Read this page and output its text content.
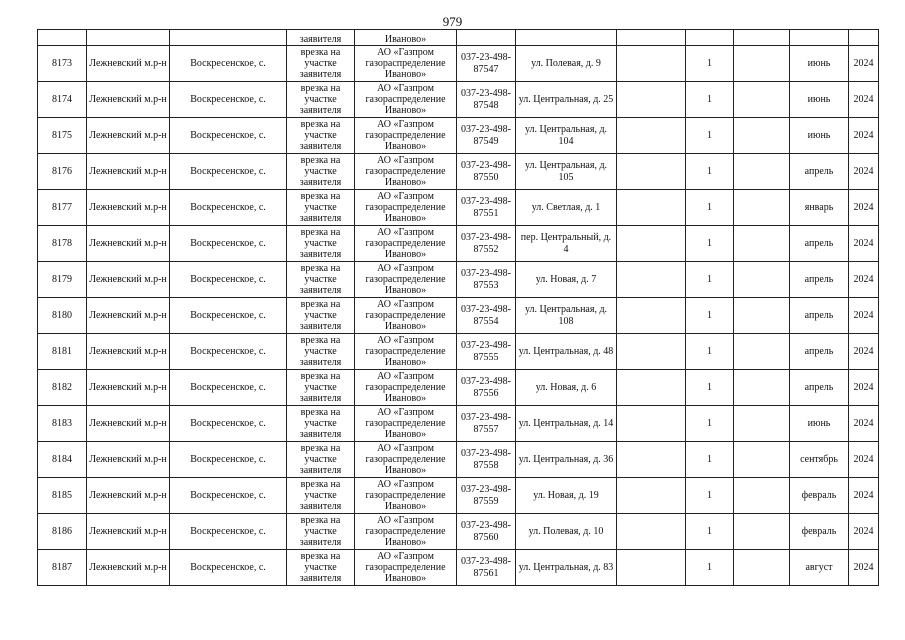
979
			заявителя	Иваново»							
8173	Лежневский м.р-н	Воскресенское, с.	врезка на участке заявителя	АО «Газпром газораспределение Иваново»	037-23-498-87547	ул. Полевая, д. 9		1		июнь	2024
8174	Лежневский м.р-н	Воскресенское, с.	врезка на участке заявителя	АО «Газпром газораспределение Иваново»	037-23-498-87548	ул. Центральная, д. 25		1		июнь	2024
8175	Лежневский м.р-н	Воскресенское, с.	врезка на участке заявителя	АО «Газпром газораспределение Иваново»	037-23-498-87549	ул. Центральная, д. 104		1		июнь	2024
8176	Лежневский м.р-н	Воскресенское, с.	врезка на участке заявителя	АО «Газпром газораспределение Иваново»	037-23-498-87550	ул. Центральная, д. 105		1		апрель	2024
8177	Лежневский м.р-н	Воскресенское, с.	врезка на участке заявителя	АО «Газпром газораспределение Иваново»	037-23-498-87551	ул. Светлая, д. 1		1		январь	2024
8178	Лежневский м.р-н	Воскресенское, с.	врезка на участке заявителя	АО «Газпром газораспределение Иваново»	037-23-498-87552	пер. Центральный, д. 4		1		апрель	2024
8179	Лежневский м.р-н	Воскресенское, с.	врезка на участке заявителя	АО «Газпром газораспределение Иваново»	037-23-498-87553	ул. Новая, д. 7		1		апрель	2024
8180	Лежневский м.р-н	Воскресенское, с.	врезка на участке заявителя	АО «Газпром газораспределение Иваново»	037-23-498-87554	ул. Центральная, д. 108		1		апрель	2024
8181	Лежневский м.р-н	Воскресенское, с.	врезка на участке заявителя	АО «Газпром газораспределение Иваново»	037-23-498-87555	ул. Центральная, д. 48		1		апрель	2024
8182	Лежневский м.р-н	Воскресенское, с.	врезка на участке заявителя	АО «Газпром газораспределение Иваново»	037-23-498-87556	ул. Новая, д. 6		1		апрель	2024
8183	Лежневский м.р-н	Воскресенское, с.	врезка на участке заявителя	АО «Газпром газораспределение Иваново»	037-23-498-87557	ул. Центральная, д. 14		1		июнь	2024
8184	Лежневский м.р-н	Воскресенское, с.	врезка на участке заявителя	АО «Газпром газораспределение Иваново»	037-23-498-87558	ул. Центральная, д. 36		1		сентябрь	2024
8185	Лежневский м.р-н	Воскресенское, с.	врезка на участке заявителя	АО «Газпром газораспределение Иваново»	037-23-498-87559	ул. Новая, д. 19		1		февраль	2024
8186	Лежневский м.р-н	Воскресенское, с.	врезка на участке заявителя	АО «Газпром газораспределение Иваново»	037-23-498-87560	ул. Полевая, д. 10		1		февраль	2024
8187	Лежневский м.р-н	Воскресенское, с.	врезка на участке заявителя	АО «Газпром газораспределение Иваново»	037-23-498-87561	ул. Центральная, д. 83		1		август	2024
